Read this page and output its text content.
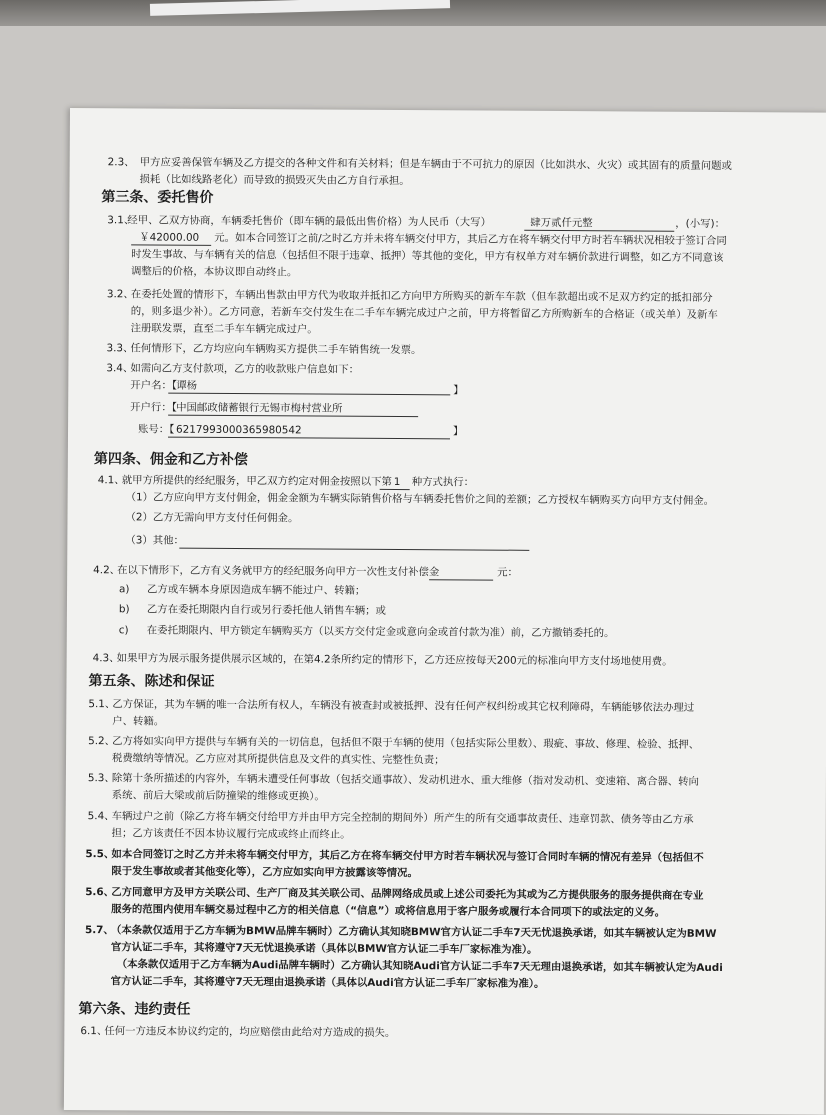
2.3、 甲方应妥善保管车辆及乙方提交的各种文件和有关材料；但是车辆由于不可抗力的原因（比如洪水、火灾）或其固有的质量问题或
损耗（比如线路老化）而导致的损毁灭失由乙方自行承担。
第三条、委托售价
3.1、
经甲、乙双方协商，车辆委托售价（即车辆的最低出售价格）为人民币（大写）	肆万贰仟元整	，(小写)：
￥42000.00 元。如本合同签订之前/之时乙方并未将车辆交付甲方，其后乙方在将车辆交付甲方时若车辆状况相较于签订合同
时发生事故、与车辆有关的信息（包括但不限于违章、抵押）等其他的变化，甲方有权单方对车辆价款进行调整，如乙方不同意该
调整后的价格，本协议即自动终止。
3.2、
在委托处置的情形下，车辆出售款由甲方代为收取并抵扣乙方向甲方所购买的新车车款（但车款超出或不足双方约定的抵扣部分
的，则多退少补）。乙方同意，若新车交付发生在二手车车辆完成过户之前，甲方将暂留乙方所购新车的合格证（或关单）及新车
注册联发票，直至二手车车辆完成过户。
3.3、
任何情形下，乙方均应向车辆购买方提供二手车销售统一发票。
3.4、
如需向乙方支付款项，乙方的收款账户信息如下：
开户名：【 谭杨	】
开户行：【 中国邮政储蓄银行无锡市梅村营业所
账号：【 6217993000365980542	】
第四条、佣金和乙方补偿
4.1、
就甲方所提供的经纪服务，甲乙双方约定对佣金按照以下第 1 种方式执行：
（1）乙方应向甲方支付佣金，佣金金额为车辆实际销售价格与车辆委托售价之间的差额；乙方授权车辆购买方向甲方支付佣金。
（2）乙方无需向甲方支付任何佣金。
（3）其他：
4.2、
在以下情形下，乙方有义务就甲方的经纪服务向甲方一次性支付补偿金	元：
a) 乙方或车辆本身原因造成车辆不能过户、转籍；
b) 乙方在委托期限内自行或另行委托他人销售车辆；或
c) 在委托期限内、甲方锁定车辆购买方（以买方交付定金或意向金或首付款为准）前，乙方撤销委托的。
4.3、
如果甲方为展示服务提供展示区域的，在第4.2条所约定的情形下，乙方还应按每天200元的标准向甲方支付场地使用费。
第五条、陈述和保证
5.1、
乙方保证，其为车辆的唯一合法所有权人，车辆没有被查封或被抵押、没有任何产权纠纷或其它权利障碍，车辆能够依法办理过
户、转籍。
5.2、
乙方将如实向甲方提供与车辆有关的一切信息，包括但不限于车辆的使用（包括实际公里数）、瑕疵、事故、修理、检验、抵押、
税费缴纳等情况。乙方应对其所提供信息及文件的真实性、完整性负责；
5.3、
除第十条所描述的内容外，车辆未遭受任何事故（包括交通事故）、发动机进水、重大维修（指对发动机、变速箱、离合器、转向
系统、前后大梁或前后防撞梁的维修或更换）。
5.4、
车辆过户之前（除乙方将车辆交付给甲方并由甲方完全控制的期间外）所产生的所有交通事故责任、违章罚款、债务等由乙方承
担；乙方该责任不因本协议履行完成或终止而终止。
5.5、
如本合同签订之时乙方并未将车辆交付甲方，其后乙方在将车辆交付甲方时若车辆状况与签订合同时车辆的情况有差异（包括但不
限于发生事故或者其他变化等），乙方应如实向甲方披露该等情况。
5.6、
乙方同意甲方及甲方关联公司、生产厂商及其关联公司、品牌网络成员或上述公司委托为其或为乙方提供服务的服务提供商在专业
服务的范围内使用车辆交易过程中乙方的相关信息（“信息”）或将信息用于客户服务或履行本合同项下的或法定的义务。
5.7、
（本条款仅适用于乙方车辆为BMW品牌车辆时）乙方确认其知晓BMW官方认证二手车7天无忧退换承诺，如其车辆被认定为BMW
官方认证二手车，其将遵守7天无忧退换承诺（具体以BMW官方认证二手车厂家标准为准）。
（本条款仅适用于乙方车辆为Audi品牌车辆时）乙方确认其知晓Audi官方认证二手车7天无理由退换承诺，如其车辆被认定为Audi
官方认证二手车，其将遵守7天无理由退换承诺（具体以Audi官方认证二手车厂家标准为准）。
第六条、违约责任
6.1、
任何一方违反本协议约定的，均应赔偿由此给对方造成的损失。
